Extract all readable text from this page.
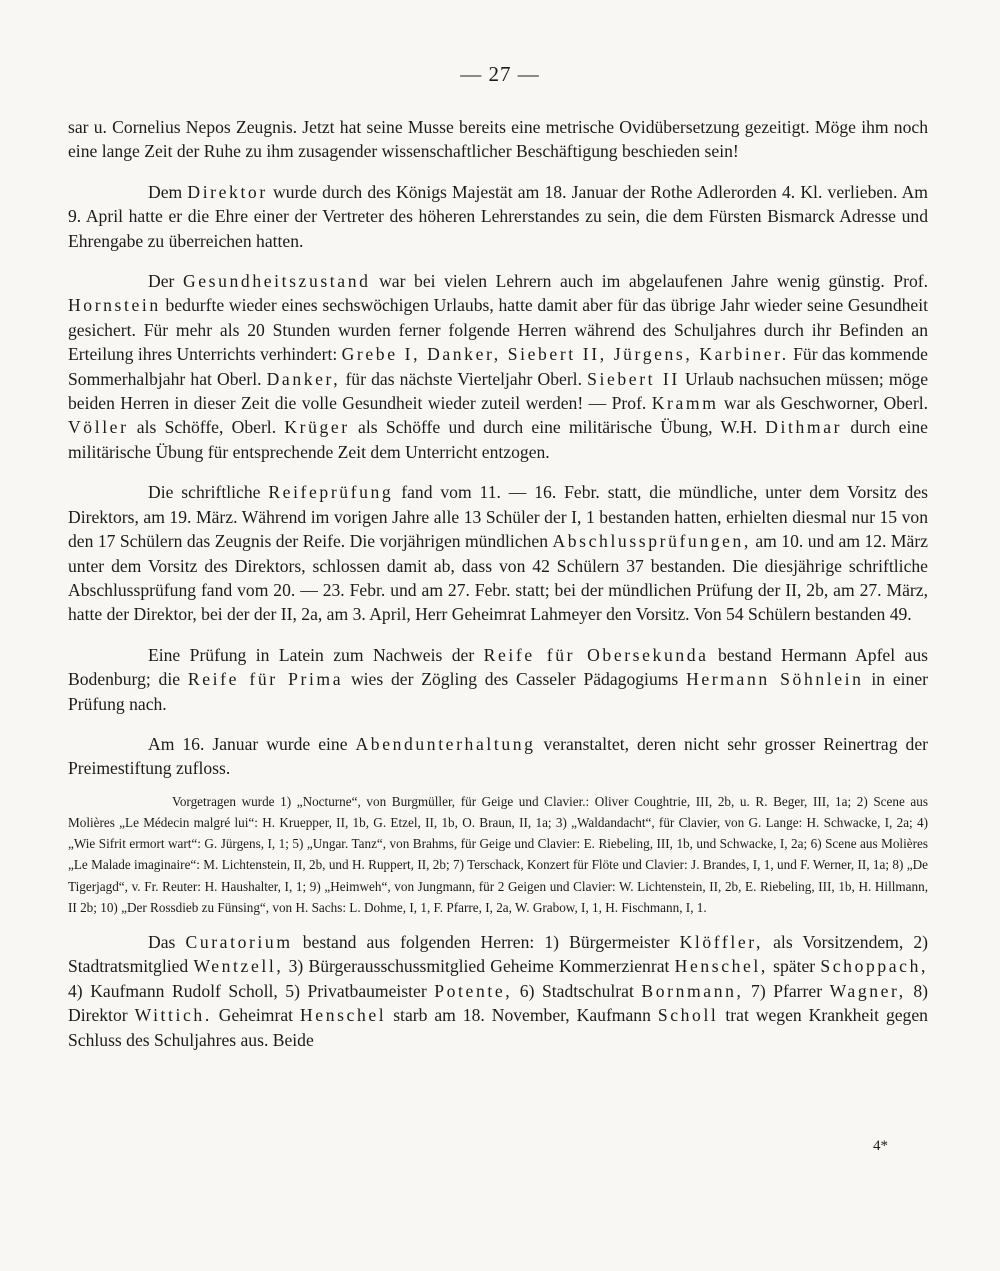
— 27 —

sar u. Cornelius Nepos Zeugnis. Jetzt hat seine Musse bereits eine metrische Ovidübersetzung gezeitigt. Möge ihm noch eine lange Zeit der Ruhe zu ihm zusagender wissenschaftlicher Beschäftigung beschieden sein!

Dem Direktor wurde durch des Königs Majestät am 18. Januar der Rothe Adlerorden 4. Kl. verlieben. Am 9. April hatte er die Ehre einer der Vertreter des höheren Lehrerstandes zu sein, die dem Fürsten Bismarck Adresse und Ehrengabe zu überreichen hatten.

Der Gesundheitszustand war bei vielen Lehrern auch im abgelaufenen Jahre wenig günstig. Prof. Hornstein bedurfte wieder eines sechswöchigen Urlaubs, hatte damit aber für das übrige Jahr wieder seine Gesundheit gesichert. Für mehr als 20 Stunden wurden ferner folgende Herren während des Schuljahres durch ihr Befinden an Erteilung ihres Unterrichts verhindert: Grebe I, Danker, Siebert II, Jürgens, Karbiner. Für das kommende Sommerhalbjahr hat Oberl. Danker, für das nächste Vierteljahr Oberl. Siebert II Urlaub nachsuchen müssen; möge beiden Herren in dieser Zeit die volle Gesundheit wieder zuteil werden! — Prof. Kramm war als Geschworner, Oberl. Völler als Schöffe, Oberl. Krüger als Schöffe und durch eine militärische Übung, W.H. Dithmar durch eine militärische Übung für entsprechende Zeit dem Unterricht entzogen.

Die schriftliche Reifeprüfung fand vom 11. — 16. Febr. statt, die mündliche, unter dem Vorsitz des Direktors, am 19. März. Während im vorigen Jahre alle 13 Schüler der I, 1 bestanden hatten, erhielten diesmal nur 15 von den 17 Schülern das Zeugnis der Reife. Die vorjährigen mündlichen Abschlussprüfungen, am 10. und am 12. März unter dem Vorsitz des Direktors, schlossen damit ab, dass von 42 Schülern 37 bestanden. Die diesjährige schriftliche Abschlussprüfung fand vom 20. — 23. Febr. und am 27. Febr. statt; bei der mündlichen Prüfung der II, 2b, am 27. März, hatte der Direktor, bei der der II, 2a, am 3. April, Herr Geheimrat Lahmeyer den Vorsitz. Von 54 Schülern bestanden 49.

Eine Prüfung in Latein zum Nachweis der Reife für Obersekunda bestand Hermann Apfel aus Bodenburg; die Reife für Prima wies der Zögling des Casseler Pädagogiums Hermann Söhnlein in einer Prüfung nach.

Am 16. Januar wurde eine Abendunterhaltung veranstaltet, deren nicht sehr grosser Reinertrag der Preimestiftung zufloss.

Vorgetragen wurde 1) „Nocturne“, von Burgmüller, für Geige und Clavier.: Oliver Coughtrie, III, 2b, u. R. Beger, III, 1a; 2) Scene aus Molières „Le Médecin malgré lui“: H. Kruepper, II, 1b, G. Etzel, II, 1b, O. Braun, II, 1a; 3) „Waldandacht“, für Clavier, von G. Lange: H. Schwacke, I, 2a; 4) „Wie Sifrit ermort wart“: G. Jürgens, I, 1; 5) „Ungar. Tanz“, von Brahms, für Geige und Clavier: E. Riebeling, III, 1b, und Schwacke, I, 2a; 6) Scene aus Molières „Le Malade imaginaire“: M. Lichtenstein, II, 2b, und H. Ruppert, II, 2b; 7) Terschack, Konzert für Flöte und Clavier: J. Brandes, I, 1, und F. Werner, II, 1a; 8) „De Tigerjagd“, v. Fr. Reuter: H. Haushalter, I, 1; 9) „Heimweh“, von Jungmann, für 2 Geigen und Clavier: W. Lichtenstein, II, 2b, E. Riebeling, III, 1b, H. Hillmann, II 2b; 10) „Der Rossdieb zu Fünsing“, von H. Sachs: L. Dohme, I, 1, F. Pfarre, I, 2a, W. Grabow, I, 1, H. Fischmann, I, 1.

Das Curatorium bestand aus folgenden Herren: 1) Bürgermeister Klöffler, als Vorsitzendem, 2) Stadtratsmitglied Wentzell, 3) Bürgerausschussmitglied Geheime Kommerzienrat Henschel, später Schoppach, 4) Kaufmann Rudolf Scholl, 5) Privatbaumeister Potente, 6) Stadtschulrat Bornmann, 7) Pfarrer Wagner, 8) Direktor Wittich. Geheimrat Henschel starb am 18. November, Kaufmann Scholl trat wegen Krankheit gegen Schluss des Schuljahres aus. Beide

4*
